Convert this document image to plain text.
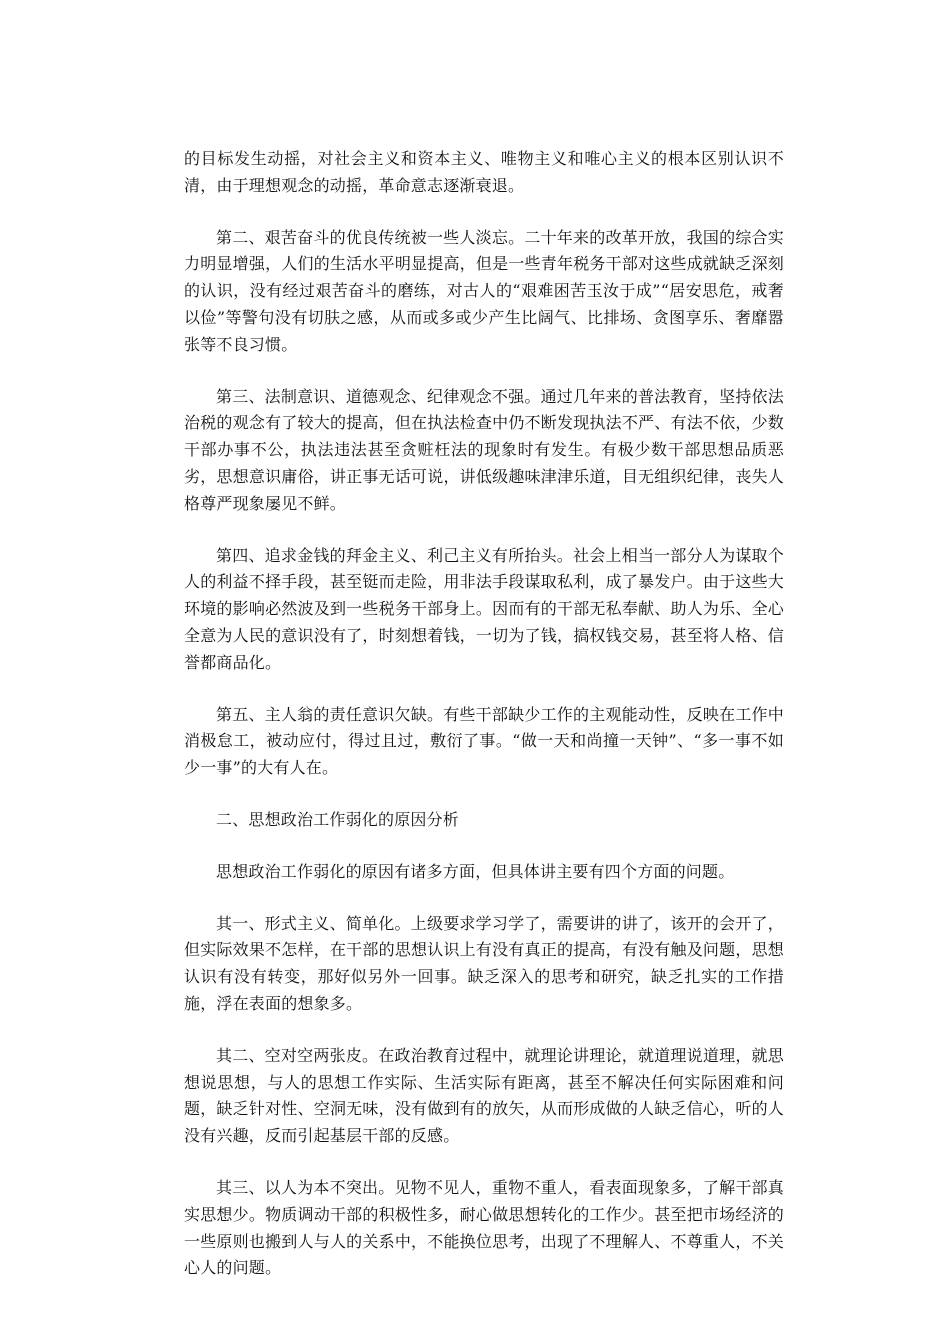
的目标发生动摇，对社会主义和资本主义、唯物主义和唯心主义的根本区别认识不清，由于理想观念的动摇，革命意志逐渐衰退。

第二、艰苦奋斗的优良传统被一些人淡忘。二十年来的改革开放，我国的综合实力明显增强，人们的生活水平明显提高，但是一些青年税务干部对这些成就缺乏深刻的认识，没有经过艰苦奋斗的磨练，对古人的“艰难困苦玉汝于成”“居安思危，戒奢以俭”等警句没有切肤之感，从而或多或少产生比阔气、比排场、贪图享乐、奢靡嚣张等不良习惯。

第三、法制意识、道德观念、纪律观念不强。通过几年来的普法教育，坚持依法治税的观念有了较大的提高，但在执法检查中仍不断发现执法不严、有法不依，少数干部办事不公，执法违法甚至贪赃枉法的现象时有发生。有极少数干部思想品质恶劣，思想意识庸俗，讲正事无话可说，讲低级趣味津津乐道，目无组织纪律，丧失人格尊严现象屡见不鲜。

第四、追求金钱的拜金主义、利己主义有所抬头。社会上相当一部分人为谋取个人的利益不择手段，甚至铤而走险，用非法手段谋取私利，成了暴发户。由于这些大环境的影响必然波及到一些税务干部身上。因而有的干部无私奉献、助人为乐、全心全意为人民的意识没有了，时刻想着钱，一切为了钱，搞权钱交易，甚至将人格、信誉都商品化。

第五、主人翁的责任意识欠缺。有些干部缺少工作的主观能动性，反映在工作中消极怠工，被动应付，得过且过，敷衍了事。“做一天和尚撞一天钟”、“多一事不如少一事”的大有人在。

二、思想政治工作弱化的原因分析

思想政治工作弱化的原因有诸多方面，但具体讲主要有四个方面的问题。

其一、形式主义、简单化。上级要求学习学了，需要讲的讲了，该开的会开了，但实际效果不怎样，在干部的思想认识上有没有真正的提高，有没有触及问题，思想认识有没有转变，那好似另外一回事。缺乏深入的思考和研究，缺乏扎实的工作措施，浮在表面的想象多。

其二、空对空两张皮。在政治教育过程中，就理论讲理论，就道理说道理，就思想说思想，与人的思想工作实际、生活实际有距离，甚至不解决任何实际困难和问题，缺乏针对性、空洞无味，没有做到有的放矢，从而形成做的人缺乏信心，听的人没有兴趣，反而引起基层干部的反感。

其三、以人为本不突出。见物不见人，重物不重人，看表面现象多，了解干部真实思想少。物质调动干部的积极性多，耐心做思想转化的工作少。甚至把市场经济的一些原则也搬到人与人的关系中，不能换位思考，出现了不理解人、不尊重人，不关心人的问题。
